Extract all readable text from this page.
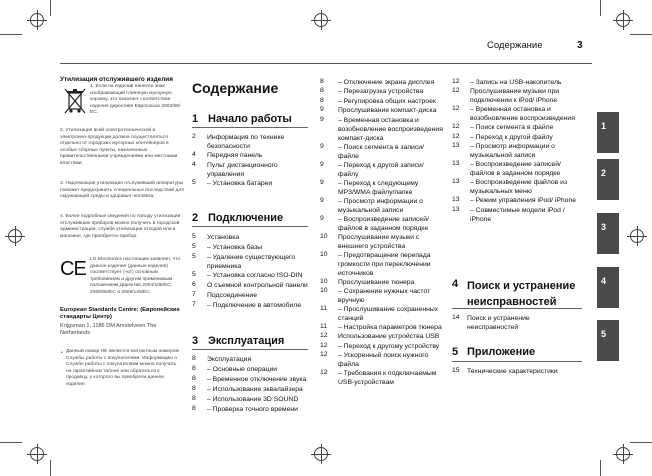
Содержание	3
Утилизация отслужившего изделия
1. Если на изделии нанесен знак изображающий глиняную мусорную корзину, это означает соответствие изделия директиве Евросоюза 2002/96/ЕС.
2. Утилизация всей электротехнической и электронно-продукции должна осуществляться отдельно от городских мусорных контейнеров в особые сборные пункты, назначенных правительственными учреждениями или местными властями.
3. Надлежащая утилизация отслуживший аппаратуры поможет предохранить специальных последствий для окружающей среды и здоровья человека.
4. Более подробные сведения по поводу утилизации отслуживших приборов можно получить в городской администрации, службе утилизации отходов или в магазине, где приобретен прибор.
CE LG Electronics настоящим заявляет, что данное изделие (данные изделия) соответствует (-ют) основным требованиям и другим применимым положениям Директив 2004/108/ЕС, 2006/95/ЕС и 2009/125/ЕС.
European Standards Centre: (Европейские стандарты Центр)
Krijgsman 1, 1186 DM Amstelveen The Netherlands
• Данный номер НЕ является контактным номером Службы работы с покупателями. Информацию о Службе работы с покупателями можно получить на гарантийном талоне или обратиться к продавцу, у которого вы приобрели данное изделие.
Содержание
1 Начало работы
2 Информация по технике безопасности
4 Передняя панель
4 Пульт дистанционного управления
5 – Установка батареи
2 Подключение
5 Установка
5 – Установка базы
5 – Удаление существующего приемника
5 – Установка согласно ISO-DIN
6 О съемной контрольной панели
7 Подсоединение
7 – Подключение в автомобиле
3 Эксплуатация
8 Эксплуатация
8 – Основные операции
8 – Временное отключение звука
8 – Использование эквалайзера
8 – Использование 3D SOUND
8 – Проверка точного времени
8 – Отключение экрана дисплея
8 – Перезагрузка устройства
8 – Регулировка общих настроек
9 Прослушивание компакт-диска
9 – Временная остановка и возобновление воспроизведения компакт-диска
9 – Поиск сегмента в записи/файле
9 – Переход к другой записи/файлу
9 – Переход к следующему MP3/WMA файлу/папке
9 – Просмотр информации о музыкальной записи
9 – Воспроизведение записей/файлов в заданном порядке
10 Прослушивание музыки с внешнего устройства
10 – Предотвращение перепада громкости при переключении источников
10 Прослушивание тюнера
10 – Сохранение нужных частот вручную
11 – Прослушивание сохраненных станций
11 – Настройка параметров тюнера
12 Использование устройства USB
12 – Переход к другому устройству
12 – Ускоренный поиск нужного файла
12 – Требования к подключаемым USB-устройствам
12 – Запись на USB-накопитель
12 Прослушивание музыки при подключении к iPod/ iPhone
12 – Временная остановка и возобновление воспроизведения
12 – Поиск сегмента в файле
12 – Переход к другой файлу
13 – Просмотр информации о музыкальной записи
13 – Воспроизведение записей/файлов в заданном порядке
13 – Воспроизведение файлов из музыкальных меню
13 – Режим управления iPod/ iPhone
13 – Совместимые модели iPod / iPhone
4 Поиск и устранение неисправностей
14 Поиск и устранение неисправностей
5 Приложение
15 Технические характеристики
1
2
3
4
5
